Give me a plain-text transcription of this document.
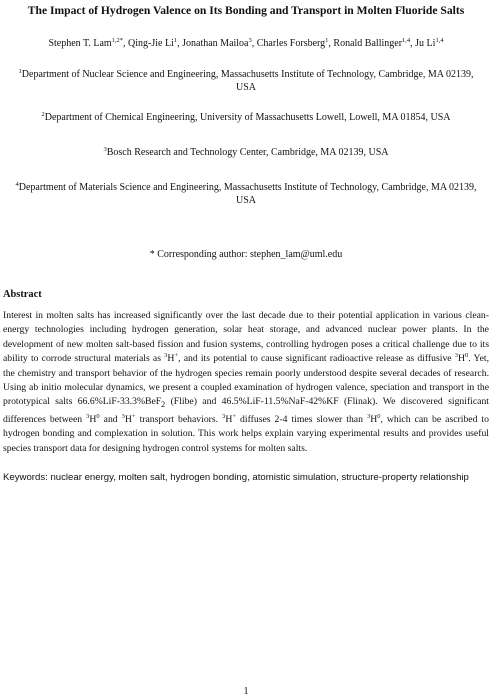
The Impact of Hydrogen Valence on Its Bonding and Transport in Molten Fluoride Salts
Stephen T. Lam$^{1,2*}$, Qing-Jie Li$^1$, Jonathan Mailoa$^3$, Charles Forsberg$^1$, Ronald Ballinger$^{1,4}$, Ju Li$^{1,4}$
$^1$Department of Nuclear Science and Engineering, Massachusetts Institute of Technology, Cambridge, MA 02139, USA
$^2$Department of Chemical Engineering, University of Massachusetts Lowell, Lowell, MA 01854, USA
$^3$Bosch Research and Technology Center, Cambridge, MA 02139, USA
$^4$Department of Materials Science and Engineering, Massachusetts Institute of Technology, Cambridge, MA 02139, USA
* Corresponding author: stephen_lam@uml.edu
Abstract

Interest in molten salts has increased significantly over the last decade due to their potential application in various clean-energy technologies including hydrogen generation, solar heat storage, and advanced nuclear power plants. In the development of new molten salt-based fission and fusion systems, controlling hydrogen poses a critical challenge due to its ability to corrode structural materials as $^3$H+, and its potential to cause significant radioactive release as diffusive $^3H^0$. Yet, the chemistry and transport behavior of the hydrogen species remain poorly understood despite several decades of research. Using ab initio molecular dynamics, we present a coupled examination of hydrogen valence, speciation and transport in the prototypical salts 66.6%LiF-33.3%BeF$_2$ (Flibe) and 46.5%LiF-11.5%NaF-42%KF (Flinak). We discovered significant differences between $^3H^0$ and $^3$H+ transport behaviors. $^3$H+ diffuses 2-4 times slower than $^3H^0$, which can be ascribed to hydrogen bonding and complexation in solution. This work helps explain varying experimental results and provides useful species transport data for designing hydrogen control systems for molten salts.

Keywords: nuclear energy, molten salt, hydrogen bonding, atomistic simulation, structure-property relationship
1
